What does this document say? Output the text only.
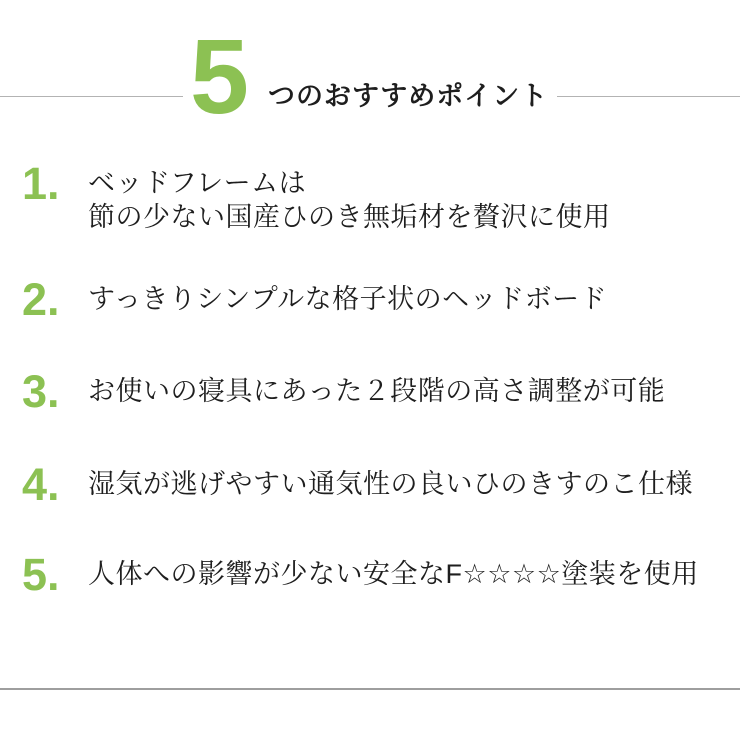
5 つのおすすめポイント
1.	ベッドフレームは
節の少ない国産ひのき無垢材を贅沢に使用
2.	すっきりシンプルな格子状のヘッドボード
3.	お使いの寝具にあった２段階の高さ調整が可能
4.	湿気が逃げやすい通気性の良いひのきすのこ仕様
5.	人体への影響が少ない安全なF☆☆☆☆塗装を使用
